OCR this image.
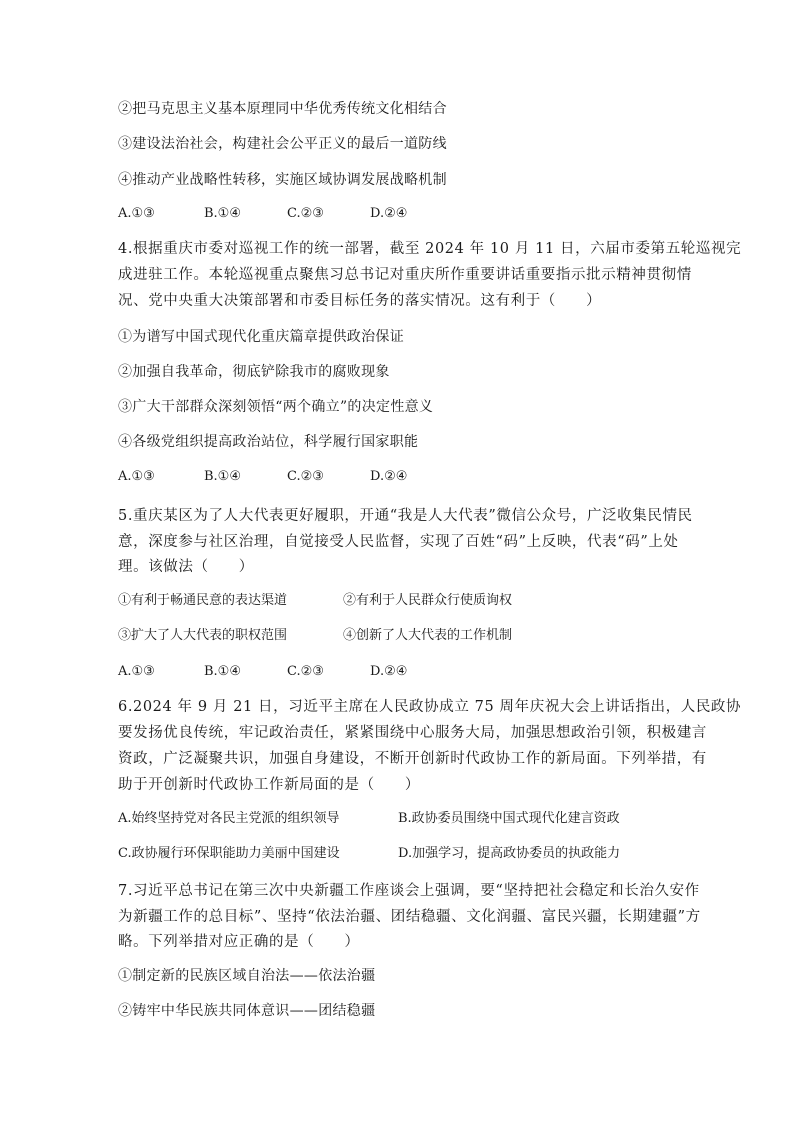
②把马克思主义基本原理同中华优秀传统文化相结合
③建设法治社会，构建社会公平正义的最后一道防线
④推动产业战略性转移，实施区域协调发展战略机制
A.①③	B.①④	C.②③	D.②④
4.根据重庆市委对巡视工作的统一部署，截至 2024 年 10 月 11 日，六届市委第五轮巡视完
成进驻工作。本轮巡视重点聚焦习总书记对重庆所作重要讲话重要指示批示精神贯彻情
况、党中央重大决策部署和市委目标任务的落实情况。这有利于（　　）
①为谱写中国式现代化重庆篇章提供政治保证
②加强自我革命，彻底铲除我市的腐败现象
③广大干部群众深刻领悟“两个确立”的决定性意义
④各级党组织提高政治站位，科学履行国家职能
A.①③	B.①④	C.②③	D.②④
5.重庆某区为了人大代表更好履职，开通“我是人大代表”微信公众号，广泛收集民情民
意，深度参与社区治理，自觉接受人民监督，实现了百姓“码”上反映，代表“码”上处
理。该做法（　　）
①有利于畅通民意的表达渠道	②有利于人民群众行使质询权
③扩大了人大代表的职权范围	④创新了人大代表的工作机制
A.①③	B.①④	C.②③	D.②④
6.2024 年 9 月 21 日，习近平主席在人民政协成立 75 周年庆祝大会上讲话指出，人民政协
要发扬优良传统，牢记政治责任，紧紧围绕中心服务大局，加强思想政治引领，积极建言
资政，广泛凝聚共识，加强自身建设，不断开创新时代政协工作的新局面。下列举措，有
助于开创新时代政协工作新局面的是（　　）
A.始终坚持党对各民主党派的组织领导	B.政协委员围绕中国式现代化建言资政
C.政协履行环保职能助力美丽中国建设	D.加强学习，提高政协委员的执政能力
7.习近平总书记在第三次中央新疆工作座谈会上强调，要“坚持把社会稳定和长治久安作
为新疆工作的总目标”、坚持“依法治疆、团结稳疆、文化润疆、富民兴疆，长期建疆”方
略。下列举措对应正确的是（　　）
①制定新的民族区域自治法——依法治疆
②铸牢中华民族共同体意识——团结稳疆
